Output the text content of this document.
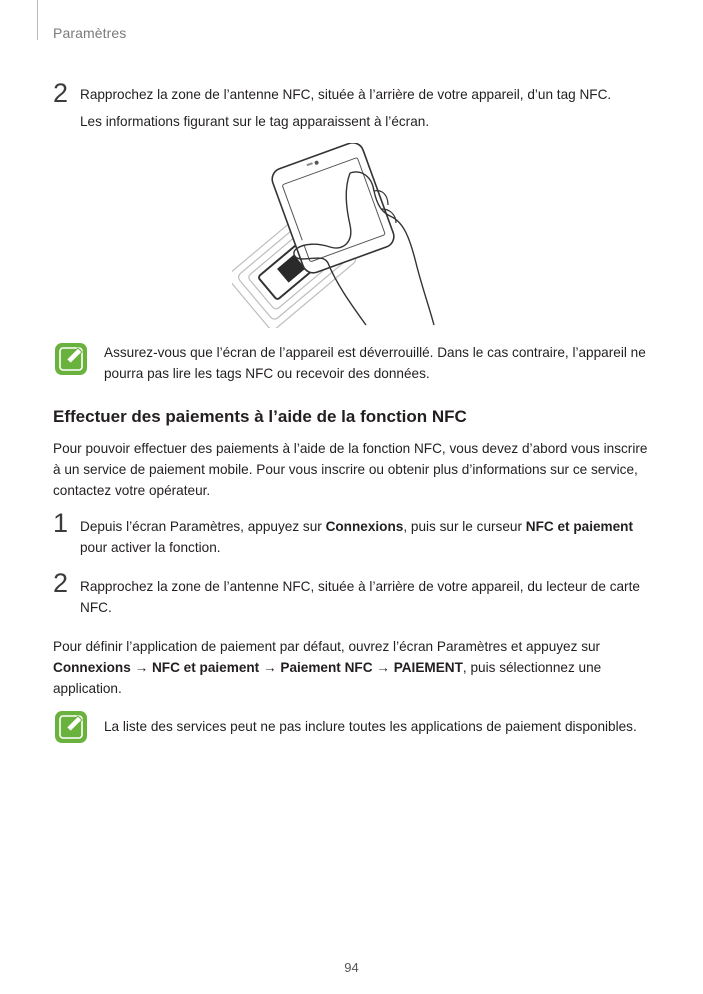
Paramètres
2 Rapprochez la zone de l’antenne NFC, située à l’arrière de votre appareil, d’un tag NFC.

Les informations figurant sur le tag apparaissent à l’écran.

Assurez-vous que l’écran de l’appareil est déverrouillé. Dans le cas contraire, l’appareil ne pourra pas lire les tags NFC ou recevoir des données.
Effectuer des paiements à l’aide de la fonction NFC

Pour pouvoir effectuer des paiements à l’aide de la fonction NFC, vous devez d’abord vous inscrire à un service de paiement mobile. Pour vous inscrire ou obtenir plus d’informations sur ce service, contactez votre opérateur.

1 Depuis l’écran Paramètres, appuyez sur Connexions, puis sur le curseur NFC et paiement pour activer la fonction.

2 Rapprochez la zone de l’antenne NFC, située à l’arrière de votre appareil, du lecteur de carte NFC.

Pour définir l’application de paiement par défaut, ouvrez l’écran Paramètres et appuyez sur Connexions → NFC et paiement → Paiement NFC → PAIEMENT, puis sélectionnez une application.

La liste des services peut ne pas inclure toutes les applications de paiement disponibles.
94
